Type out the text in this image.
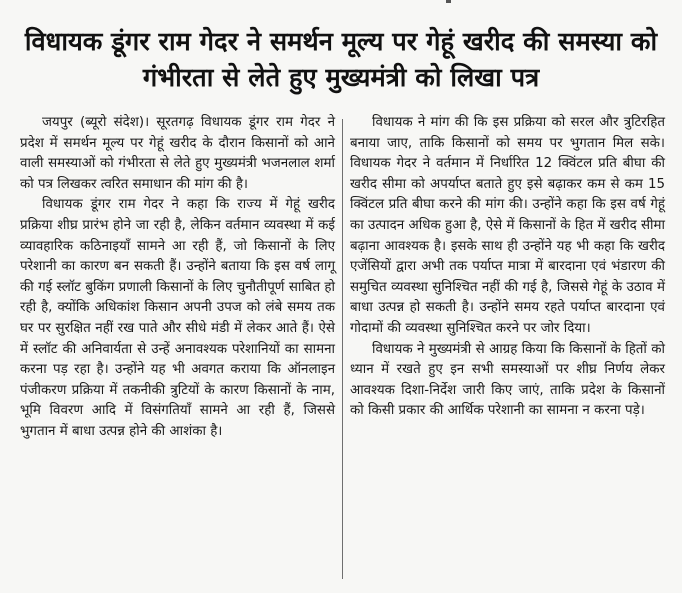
विधायक डूंगर राम गेदर ने समर्थन मूल्य पर गेहूं खरीद की समस्या को गंभीरता से लेते हुए मुख्यमंत्री को लिखा पत्र

जयपुर (ब्यूरो संदेश)। सूरतगढ़ विधायक डूंगर राम गेदर ने प्रदेश में समर्थन मूल्य पर गेहूं खरीद के दौरान किसानों को आने वाली समस्याओं को गंभीरता से लेते हुए मुख्यमंत्री भजनलाल शर्मा को पत्र लिखकर त्वरित समाधान की मांग की है।

विधायक डूंगर राम गेदर ने कहा कि राज्य में गेहूं खरीद प्रक्रिया शीघ्र प्रारंभ होने जा रही है, लेकिन वर्तमान व्यवस्था में कई व्यावहारिक कठिनाइयाँ सामने आ रही हैं, जो किसानों के लिए परेशानी का कारण बन सकती हैं। उन्होंने बताया कि इस वर्ष लागू की गई स्लॉट बुकिंग प्रणाली किसानों के लिए चुनौतीपूर्ण साबित हो रही है, क्योंकि अधिकांश किसान अपनी उपज को लंबे समय तक घर पर सुरक्षित नहीं रख पाते और सीधे मंडी में लेकर आते हैं। ऐसे में स्लॉट की अनिवार्यता से उन्हें अनावश्यक परेशानियों का सामना करना पड़ रहा है। उन्होंने यह भी अवगत कराया कि ऑनलाइन पंजीकरण प्रक्रिया में तकनीकी त्रुटियों के कारण किसानों के नाम, भूमि विवरण आदि में विसंगतियाँ सामने आ रही हैं, जिससे भुगतान में बाधा उत्पन्न होने की आशंका है।

विधायक ने मांग की कि इस प्रक्रिया को सरल और त्रुटिरहित बनाया जाए, ताकि किसानों को समय पर भुगतान मिल सके। विधायक गेदर ने वर्तमान में निर्धारित 12 क्विंटल प्रति बीघा की खरीद सीमा को अपर्याप्त बताते हुए इसे बढ़ाकर कम से कम 15 क्विंटल प्रति बीघा करने की मांग की। उन्होंने कहा कि इस वर्ष गेहूं का उत्पादन अधिक हुआ है, ऐसे में किसानों के हित में खरीद सीमा बढ़ाना आवश्यक है। इसके साथ ही उन्होंने यह भी कहा कि खरीद एजेंसियों द्वारा अभी तक पर्याप्त मात्रा में बारदाना एवं भंडारण की समुचित व्यवस्था सुनिश्चित नहीं की गई है, जिससे गेहूं के उठाव में बाधा उत्पन्न हो सकती है। उन्होंने समय रहते पर्याप्त बारदाना एवं गोदामों की व्यवस्था सुनिश्चित करने पर जोर दिया।

विधायक ने मुख्यमंत्री से आग्रह किया कि किसानों के हितों को ध्यान में रखते हुए इन सभी समस्याओं पर शीघ्र निर्णय लेकर आवश्यक दिशा-निर्देश जारी किए जाएं, ताकि प्रदेश के किसानों को किसी प्रकार की आर्थिक परेशानी का सामना न करना पड़े।
